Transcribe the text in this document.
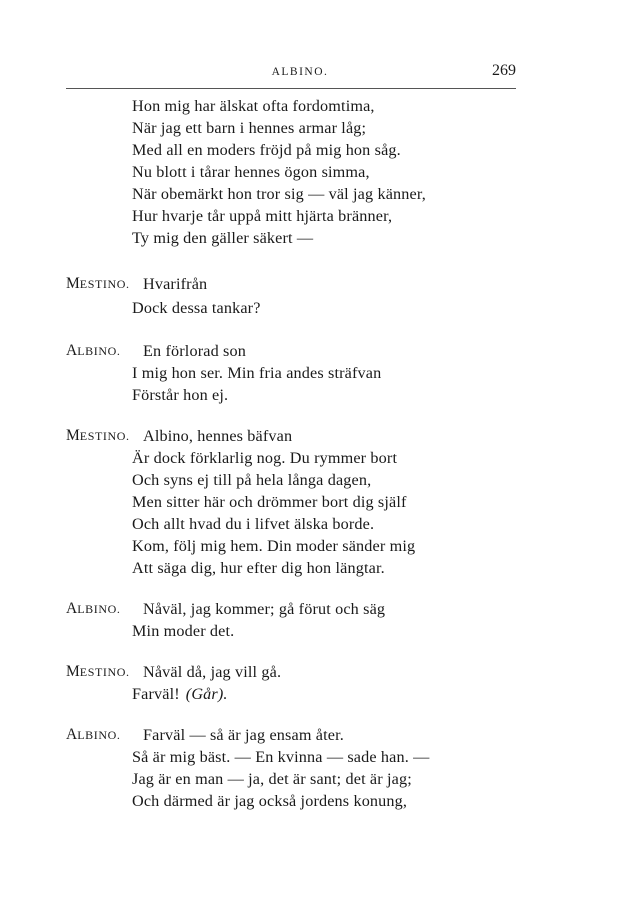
ALBINO.	269
Hon mig har älskat ofta fordomtima,
När jag ett barn i hennes armar låg;
Med all en moders fröjd på mig hon såg.
Nu blott i tårar hennes ögon simma,
När obemärkt hon tror sig — väl jag känner,
Hur hvarje tår uppå mitt hjärta bränner,
Ty mig den gäller säkert —
MESTINO. Hvarifrån
Dock dessa tankar?
ALBINO. En förlorad son
I mig hon ser. Min fria andes sträfvan
Förstår hon ej.
MESTINO. Albino, hennes bäfvan
Är dock förklarlig nog. Du rymmer bort
Och syns ej till på hela långa dagen,
Men sitter här och drömmer bort dig själf
Och allt hvad du i lifvet älska borde.
Kom, följ mig hem. Din moder sänder mig
Att säga dig, hur efter dig hon längtar.
ALBINO. Nåväl, jag kommer; gå förut och säg
Min moder det.
MESTINO. Nåväl då, jag vill gå.
Farväl! (Går).
ALBINO. Farväl — så är jag ensam åter.
Så är mig bäst. — En kvinna — sade han. —
Jag är en man — ja, det är sant; det är jag;
Och därmed är jag också jordens konung,
